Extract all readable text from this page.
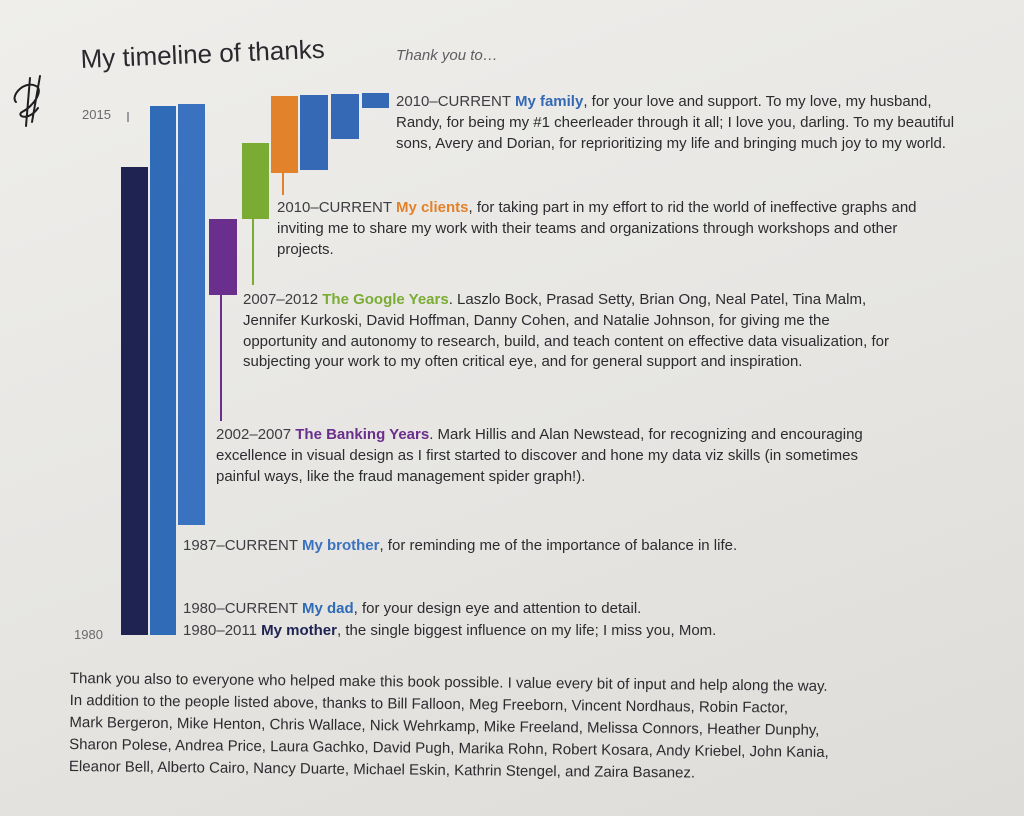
My timeline of thanks	Thank you to…
2015
1980
2010–CURRENT My family, for your love and support. To my love, my husband, Randy, for being my #1 cheerleader through it all; I love you, darling. To my beautiful sons, Avery and Dorian, for reprioritizing my life and bringing much joy to my world.
2010–CURRENT My clients, for taking part in my effort to rid the world of ineffective graphs and inviting me to share my work with their teams and organizations through workshops and other projects.
2007–2012 The Google Years. Laszlo Bock, Prasad Setty, Brian Ong, Neal Patel, Tina Malm, Jennifer Kurkoski, David Hoffman, Danny Cohen, and Natalie Johnson, for giving me the opportunity and autonomy to research, build, and teach content on effective data visualization, for subjecting your work to my often critical eye, and for general support and inspiration.
2002–2007 The Banking Years. Mark Hillis and Alan Newstead, for recognizing and encouraging excellence in visual design as I first started to discover and hone my data viz skills (in sometimes painful ways, like the fraud management spider graph!).
1987–CURRENT My brother, for reminding me of the importance of balance in life.
1980–CURRENT My dad, for your design eye and attention to detail.
1980–2011 My mother, the single biggest influence on my life; I miss you, Mom.
Thank you also to everyone who helped make this book possible. I value every bit of input and help along the way.
In addition to the people listed above, thanks to Bill Falloon, Meg Freeborn, Vincent Nordhaus, Robin Factor,
Mark Bergeron, Mike Henton, Chris Wallace, Nick Wehrkamp, Mike Freeland, Melissa Connors, Heather Dunphy,
Sharon Polese, Andrea Price, Laura Gachko, David Pugh, Marika Rohn, Robert Kosara, Andy Kriebel, John Kania,
Eleanor Bell, Alberto Cairo, Nancy Duarte, Michael Eskin, Kathrin Stengel, and Zaira Basanez.
